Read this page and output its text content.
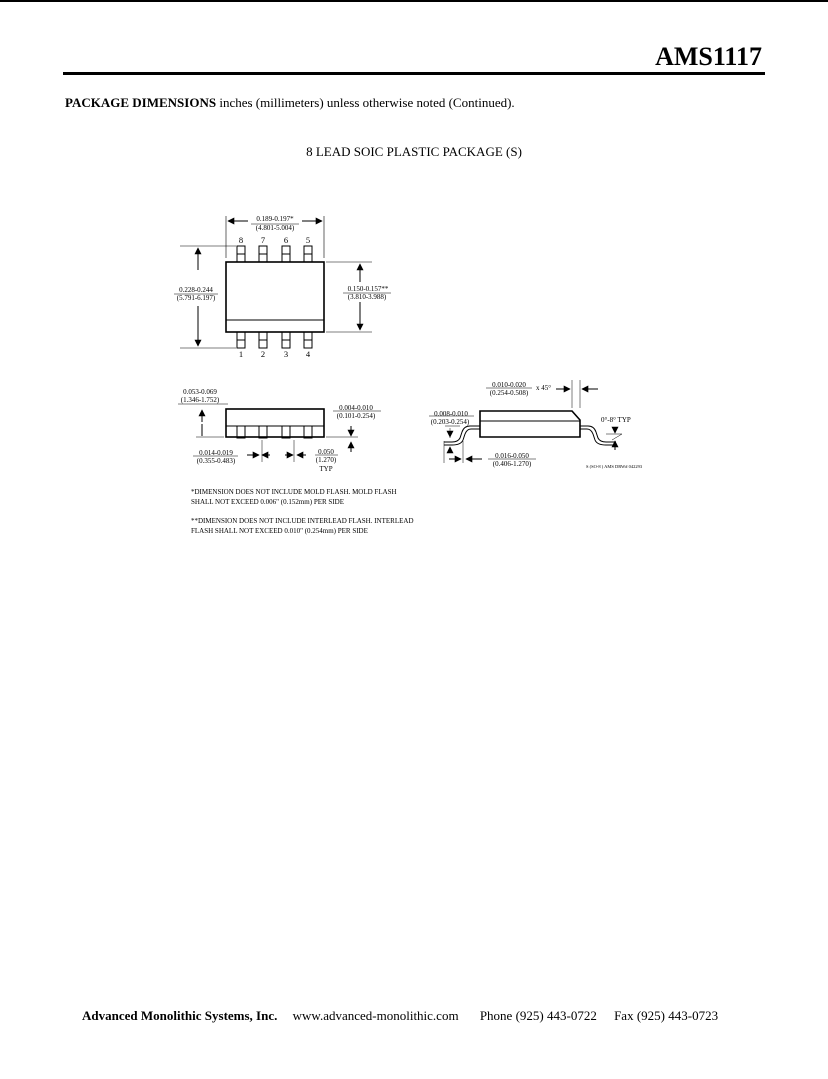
AMS1117
PACKAGE DIMENSIONS inches (millimeters) unless otherwise noted (Continued).
8 LEAD SOIC PLASTIC PACKAGE (S)
8 7 6 5
1 2 3 4
0.189-0.197*
(4.801-5.004)
0.228-0.244
(5.791-6.197)
0.150-0.157**
(3.810-3.988)
0.053-0.069
(1.346-1.752)
0.004-0.010
(0.101-0.254)
0.014-0.019
(0.355-0.483)
0.050
(1.270)
TYP
0.010-0.020
(0.254-0.508)
x 45°
0.008-0.010
(0.203-0.254)	0°-8° TYP
0.016-0.050
(0.406-1.270)	S (SO-8 ) AMS DRW# 042293
*DIMENSION DOES NOT INCLUDE MOLD FLASH. MOLD FLASH
SHALL NOT EXCEED 0.006" (0.152mm) PER SIDE
**DIMENSION DOES NOT INCLUDE INTERLEAD FLASH. INTERLEAD
FLASH SHALL NOT EXCEED 0.010" (0.254mm) PER SIDE
Advanced Monolithic Systems, Inc. www.advanced-monolithic.com Phone (925) 443-0722 Fax (925) 443-0723
